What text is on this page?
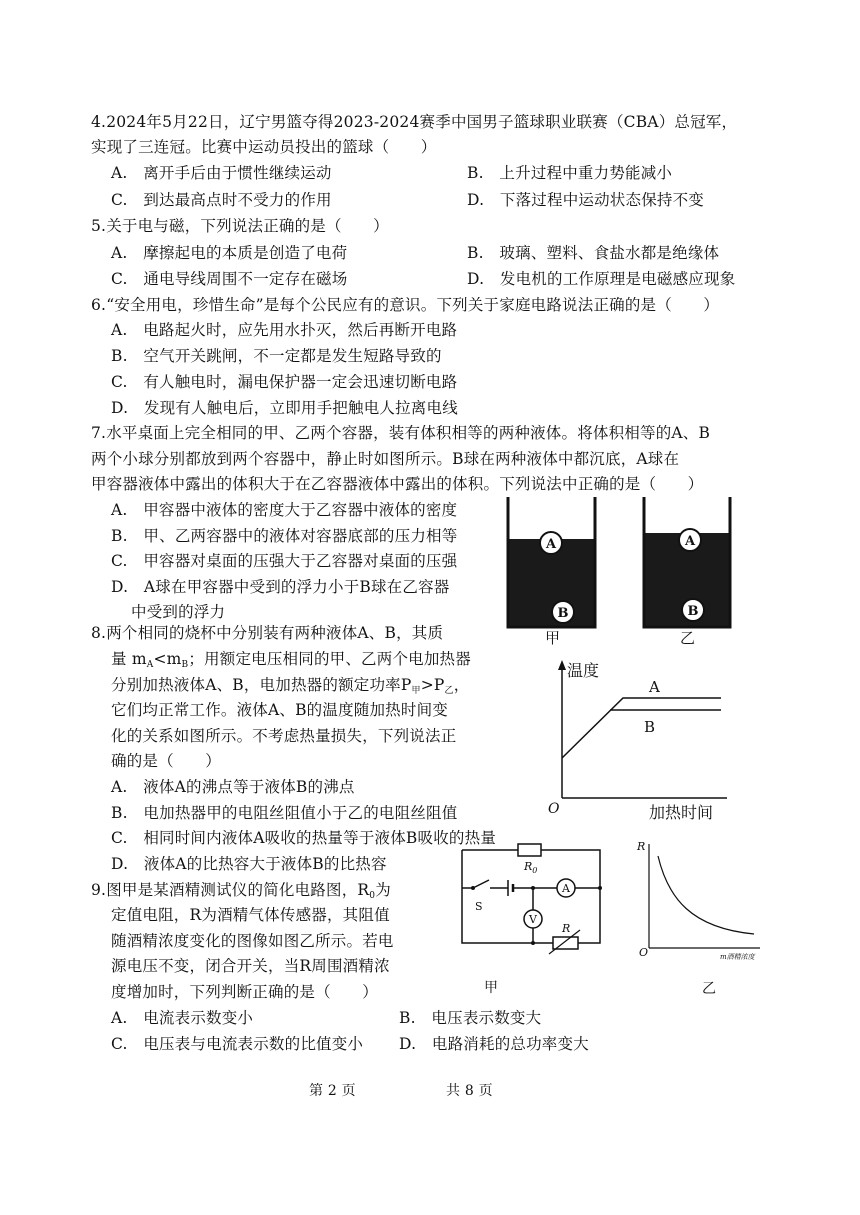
4.2024年5月22日，辽宁男篮夺得2023-2024赛季中国男子篮球职业联赛（CBA）总冠军，
实现了三连冠。比赛中运动员投出的篮球（　　）
A.　离开手后由于惯性继续运动	B.　上升过程中重力势能减小
C.　到达最高点时不受力的作用	D.　下落过程中运动状态保持不变
5.关于电与磁，下列说法正确的是（　　）
A.　摩擦起电的本质是创造了电荷	B.　玻璃、塑料、食盐水都是绝缘体
C.　通电导线周围不一定存在磁场	D.　发电机的工作原理是电磁感应现象
6.“安全用电，珍惜生命”是每个公民应有的意识。下列关于家庭电路说法正确的是（　　）
A.　电路起火时，应先用水扑灭，然后再断开电路
B.　空气开关跳闸，不一定都是发生短路导致的
C.　有人触电时，漏电保护器一定会迅速切断电路
D.　发现有人触电后，立即用手把触电人拉离电线
7.水平桌面上完全相同的甲、乙两个容器，装有体积相等的两种液体。将体积相等的A、B
两个小球分别都放到两个容器中，静止时如图所示。B球在两种液体中都沉底，A球在
甲容器液体中露出的体积大于在乙容器液体中露出的体积。下列说法中正确的是（　　）
A.　甲容器中液体的密度大于乙容器中液体的密度
B.　甲、乙两容器中的液体对容器底部的压力相等
C.　甲容器对桌面的压强大于乙容器对桌面的压强
D.　A球在甲容器中受到的浮力小于B球在乙容器
中受到的浮力
A
B
A
B
甲	乙
8.两个相同的烧杯中分别装有两种液体A、B，其质
量 $m_A<m_B$；用额定电压相同的甲、乙两个电加热器
分别加热液体A、B，电加热器的额定功率$P_甲>P_乙$，
它们均正常工作。液体A、B的温度随加热时间变
化的关系如图所示。不考虑热量损失，下列说法正
确的是（　　）
A.　液体A的沸点等于液体B的沸点
B.　电加热器甲的电阻丝阻值小于乙的电阻丝阻值
C.　相同时间内液体A吸收的热量等于液体B吸收的热量
D.　液体A的比热容大于液体B的比热容
温度
O	加热时间
A
B
9.图甲是某酒精测试仪的简化电路图，$R_0$为
定值电阻，R为酒精气体传感器，其阻值
随酒精浓度变化的图像如图乙所示。若电
源电压不变，闭合开关，当R周围酒精浓
度增加时，下列判断正确的是（　　）
A.　电流表示数变小	B.　电压表示数变大
C.　电压表与电流表示数的比值变小 D.　电路消耗的总功率变大
$R_0$
S
A
V
R
甲
R
O	m酒精浓度
乙
第 2 页	共 8 页
